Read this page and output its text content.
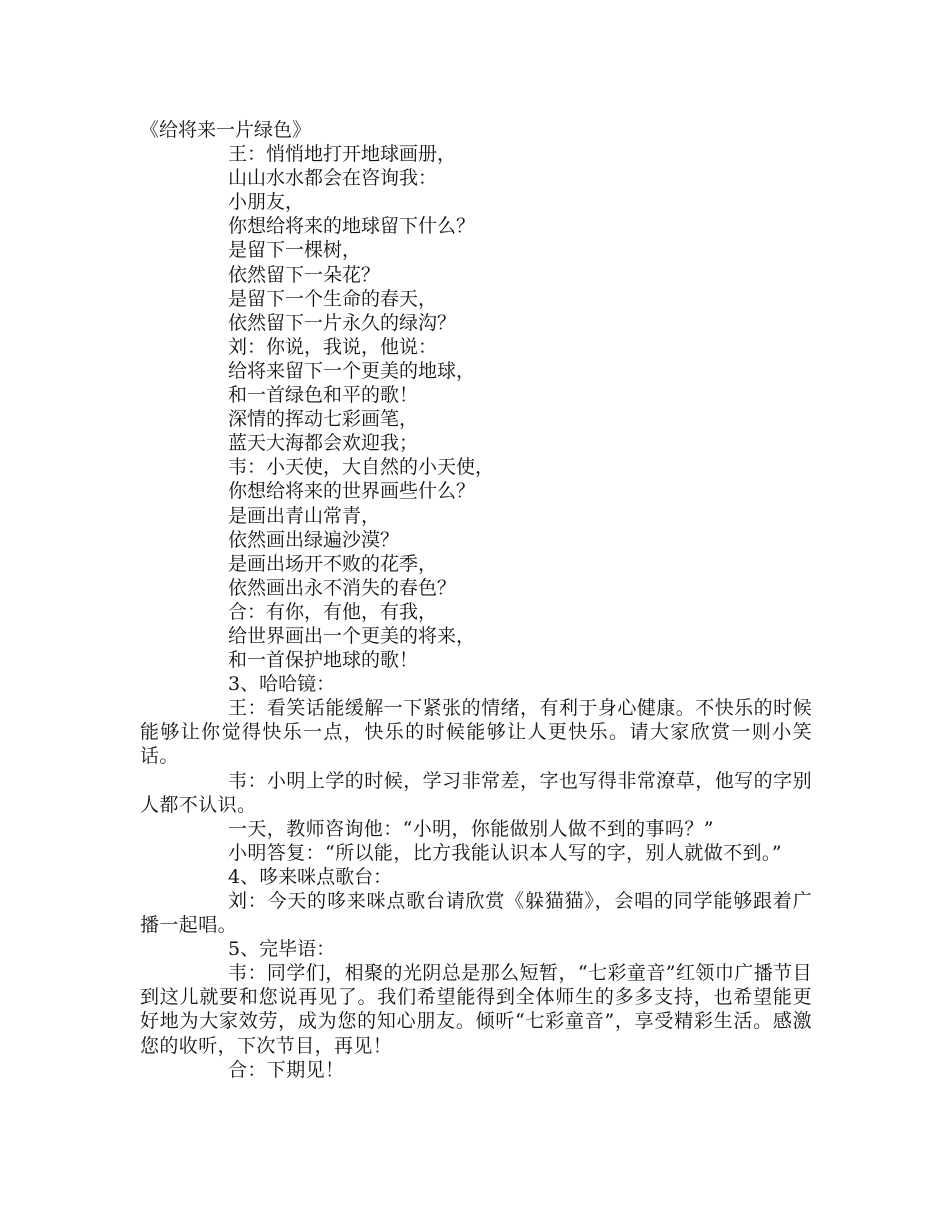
《给将来一片绿色》
王：悄悄地打开地球画册，
山山水水都会在咨询我：
小朋友，
你想给将来的地球留下什么？
是留下一棵树，
依然留下一朵花？
是留下一个生命的春天，
依然留下一片永久的绿沟？
刘：你说，我说，他说：
给将来留下一个更美的地球，
和一首绿色和平的歌！
深情的挥动七彩画笔，
蓝天大海都会欢迎我；
韦：小天使，大自然的小天使，
你想给将来的世界画些什么？
是画出青山常青，
依然画出绿遍沙漠？
是画出场开不败的花季，
依然画出永不消失的春色？
合：有你，有他，有我，
给世界画出一个更美的将来，
和一首保护地球的歌！
3、哈哈镜：

王：看笑话能缓解一下紧张的情绪，有利于身心健康。不快乐的时候能够让你觉得快乐一点，快乐的时候能够让人更快乐。请大家欣赏一则小笑话。

韦：小明上学的时候，学习非常差，字也写得非常潦草，他写的字别人都不认识。

一天，教师咨询他：“小明，你能做别人做不到的事吗？”

小明答复：“所以能，比方我能认识本人写的字，别人就做不到。”

4、哆来咪点歌台：

刘：今天的哆来咪点歌台请欣赏《躲猫猫》，会唱的同学能够跟着广播一起唱。

5、完毕语：

韦：同学们，相聚的光阴总是那么短暂，“七彩童音”红领巾广播节目到这儿就要和您说再见了。我们希望能得到全体师生的多多支持，也希望能更好地为大家效劳，成为您的知心朋友。倾听“七彩童音”，享受精彩生活。感激您的收听，下次节目，再见！

合：下期见！
